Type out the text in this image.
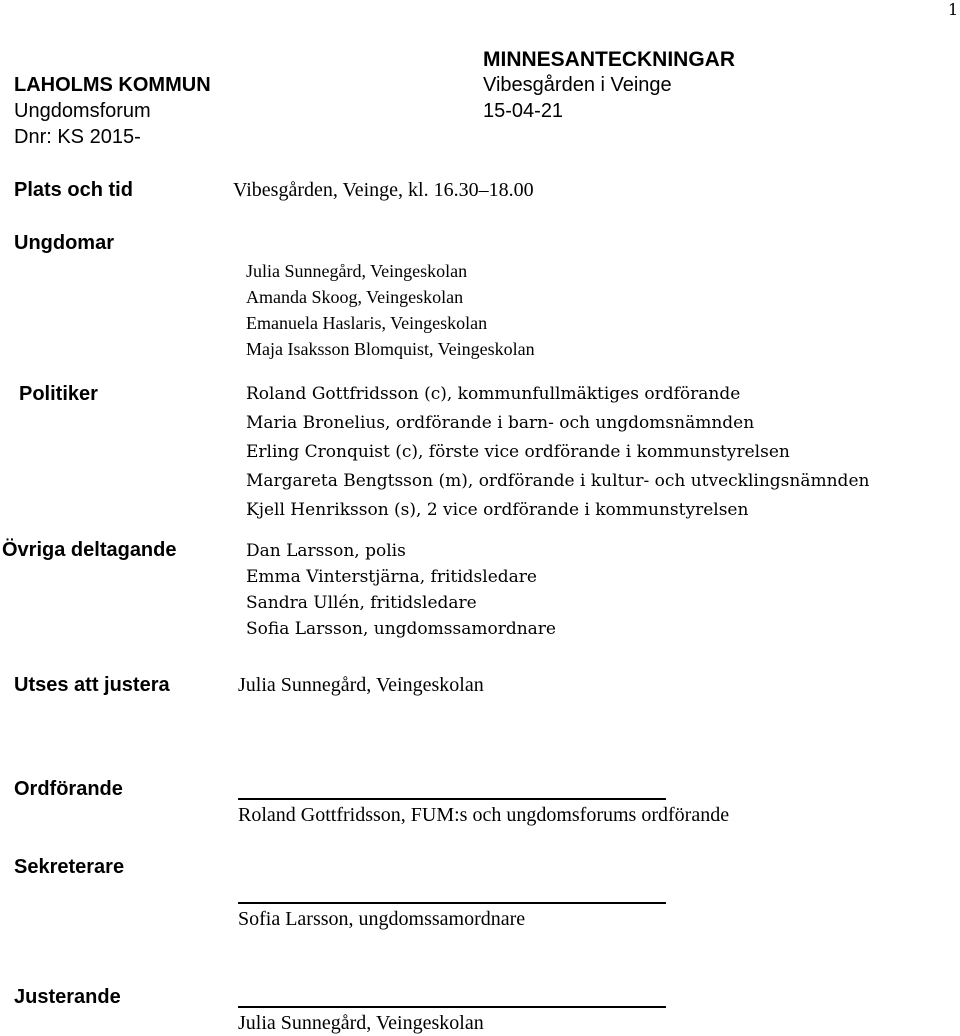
1
LAHOLMS KOMMUN
Ungdomsforum
Dnr: KS 2015-
MINNESANTECKNINGAR
Vibesgården i Veinge
15-04-21
Plats och tid	Vibesgården, Veinge, kl. 16.30–18.00
Ungdomar
Julia Sunnegård, Veingeskolan
Amanda Skoog, Veingeskolan
Emanuela Haslaris, Veingeskolan
Maja Isaksson Blomquist, Veingeskolan
Politiker	Roland Gottfridsson (c), kommunfullmäktiges ordförande
Maria Bronelius, ordförande i barn- och ungdomsnämnden
Erling Cronquist (c), förste vice ordförande i kommunstyrelsen
Margareta Bengtsson (m), ordförande i kultur- och utvecklingsnämnden
Kjell Henriksson (s), 2 vice ordförande i kommunstyrelsen
Övriga deltagande	Dan Larsson, polis
Emma Vinterstjärna, fritidsledare
Sandra Ullén, fritidsledare
Sofia Larsson, ungdomssamordnare
Utses att justera	Julia Sunnegård, Veingeskolan
Ordförande
Roland Gottfridsson, FUM:s och ungdomsforums ordförande
Sekreterare
Sofia Larsson, ungdomssamordnare
Justerande
Julia Sunnegård, Veingeskolan
